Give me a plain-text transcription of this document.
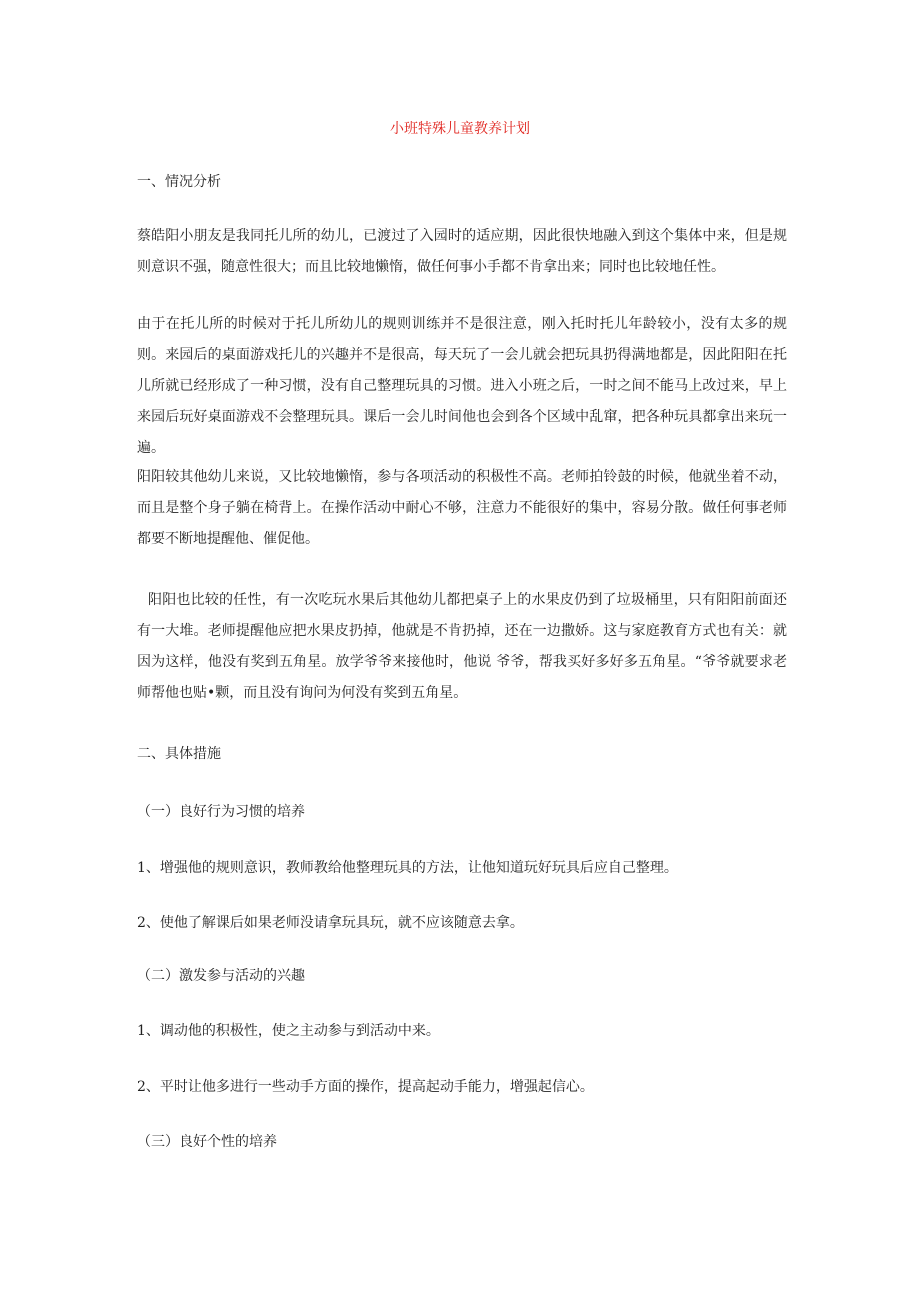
小班特殊儿童教养计划
一、情况分析
蔡皓阳小朋友是我同托儿所的幼儿，已渡过了入园时的适应期，因此很快地融入到这个集体中来，但是规则意识不强，随意性很大；而且比较地懒惰，做任何事小手都不肯拿出来；同时也比较地任性。
由于在托儿所的时候对于托儿所幼儿的规则训练并不是很注意，刚入托时托儿年龄较小，没有太多的规则。来园后的桌面游戏托儿的兴趣并不是很高，每天玩了一会儿就会把玩具扔得满地都是，因此阳阳在托儿所就已经形成了一种习惯，没有自己整理玩具的习惯。进入小班之后，一时之间不能马上改过来，早上来园后玩好桌面游戏不会整理玩具。课后一会儿时间他也会到各个区域中乱窜，把各种玩具都拿出来玩一遍。
阳阳较其他幼儿来说，又比较地懒惰，参与各项活动的积极性不高。老师拍铃鼓的时候，他就坐着不动，而且是整个身子躺在椅背上。在操作活动中耐心不够，注意力不能很好的集中，容易分散。做任何事老师都要不断地提醒他、催促他。
阳阳也比较的任性，有一次吃玩水果后其他幼儿都把桌子上的水果皮仍到了垃圾桶里，只有阳阳前面还有一大堆。老师提醒他应把水果皮扔掉，他就是不肯扔掉，还在一边撒娇。这与家庭教育方式也有关：就因为这样，他没有奖到五角星。放学爷爷来接他时，他说 爷爷，帮我买好多好多五角星。“爷爷就要求老师帮他也贴•颗，而且没有询问为何没有奖到五角星。
二、具体措施
（一）良好行为习惯的培养
1、增强他的规则意识，教师教给他整理玩具的方法，让他知道玩好玩具后应自己整理。
2、使他了解课后如果老师没请拿玩具玩，就不应该随意去拿。
（二）激发参与活动的兴趣
1、调动他的积极性，使之主动参与到活动中来。
2、平时让他多进行一些动手方面的操作，提高起动手能力，增强起信心。
（三）良好个性的培养
